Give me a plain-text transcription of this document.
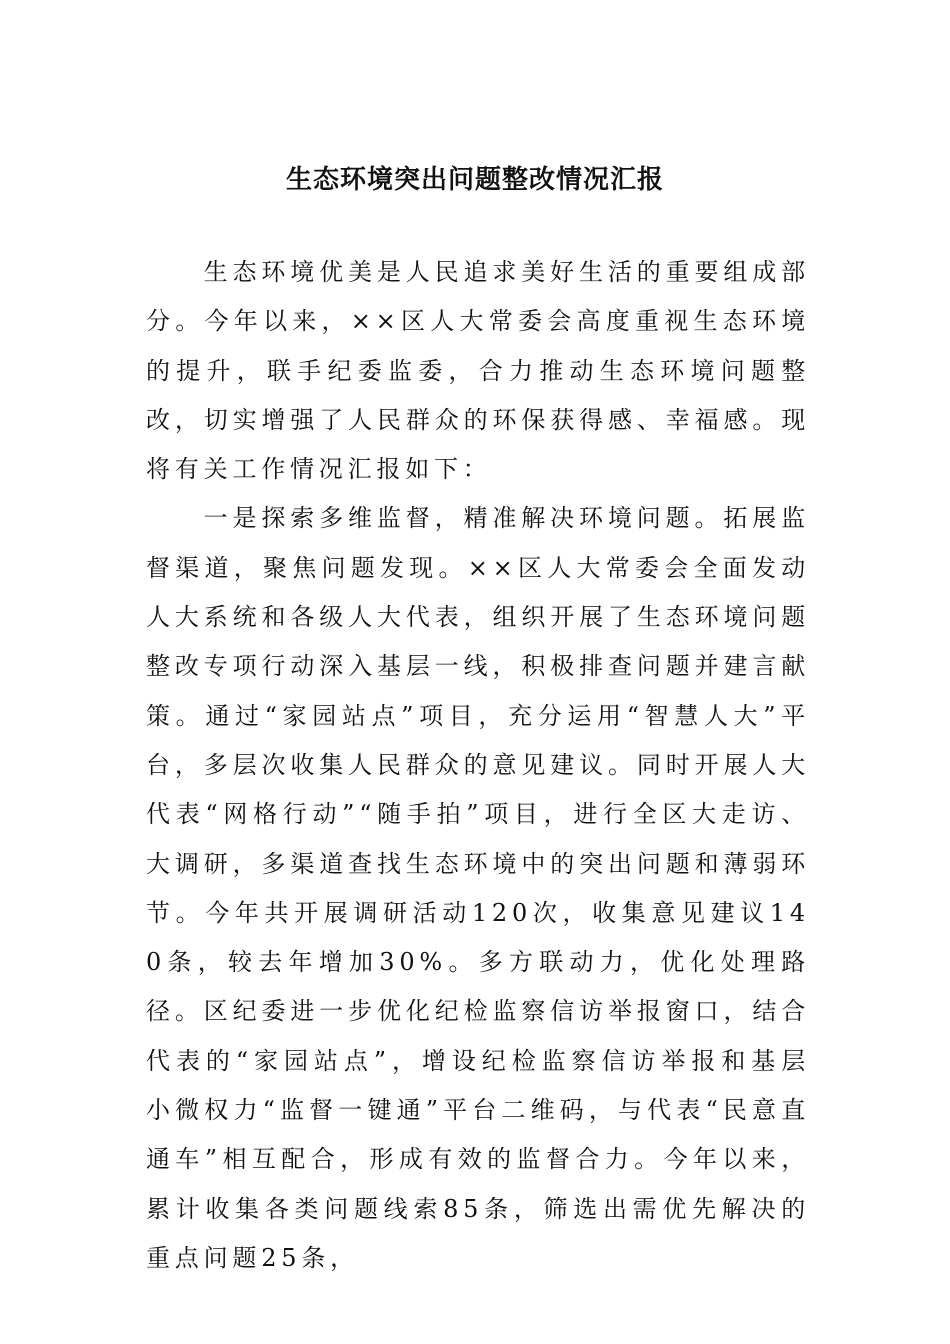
生态环境突出问题整改情况汇报

生态环境优美是人民追求美好生活的重要组成部分。今年以来，××区人大常委会高度重视生态环境的提升，联手纪委监委，合力推动生态环境问题整改，切实增强了人民群众的环保获得感、幸福感。现将有关工作情况汇报如下：

一是探索多维监督，精准解决环境问题。拓展监督渠道，聚焦问题发现。××区人大常委会全面发动人大系统和各级人大代表，组织开展了生态环境问题整改专项行动深入基层一线，积极排查问题并建言献策。通过“家园站点”项目，充分运用“智慧人大”平台，多层次收集人民群众的意见建议。同时开展人大代表“网格行动”“随手拍”项目，进行全区大走访、大调研，多渠道查找生态环境中的突出问题和薄弱环节。今年共开展调研活动120次，收集意见建议140条，较去年增加30%。多方联动力，优化处理路径。区纪委进一步优化纪检监察信访举报窗口，结合代表的“家园站点”，增设纪检监察信访举报和基层小微权力“监督一键通”平台二维码，与代表“民意直通车”相互配合，形成有效的监督合力。今年以来，累计收集各类问题线索85条，筛选出需优先解决的重点问题25条，
